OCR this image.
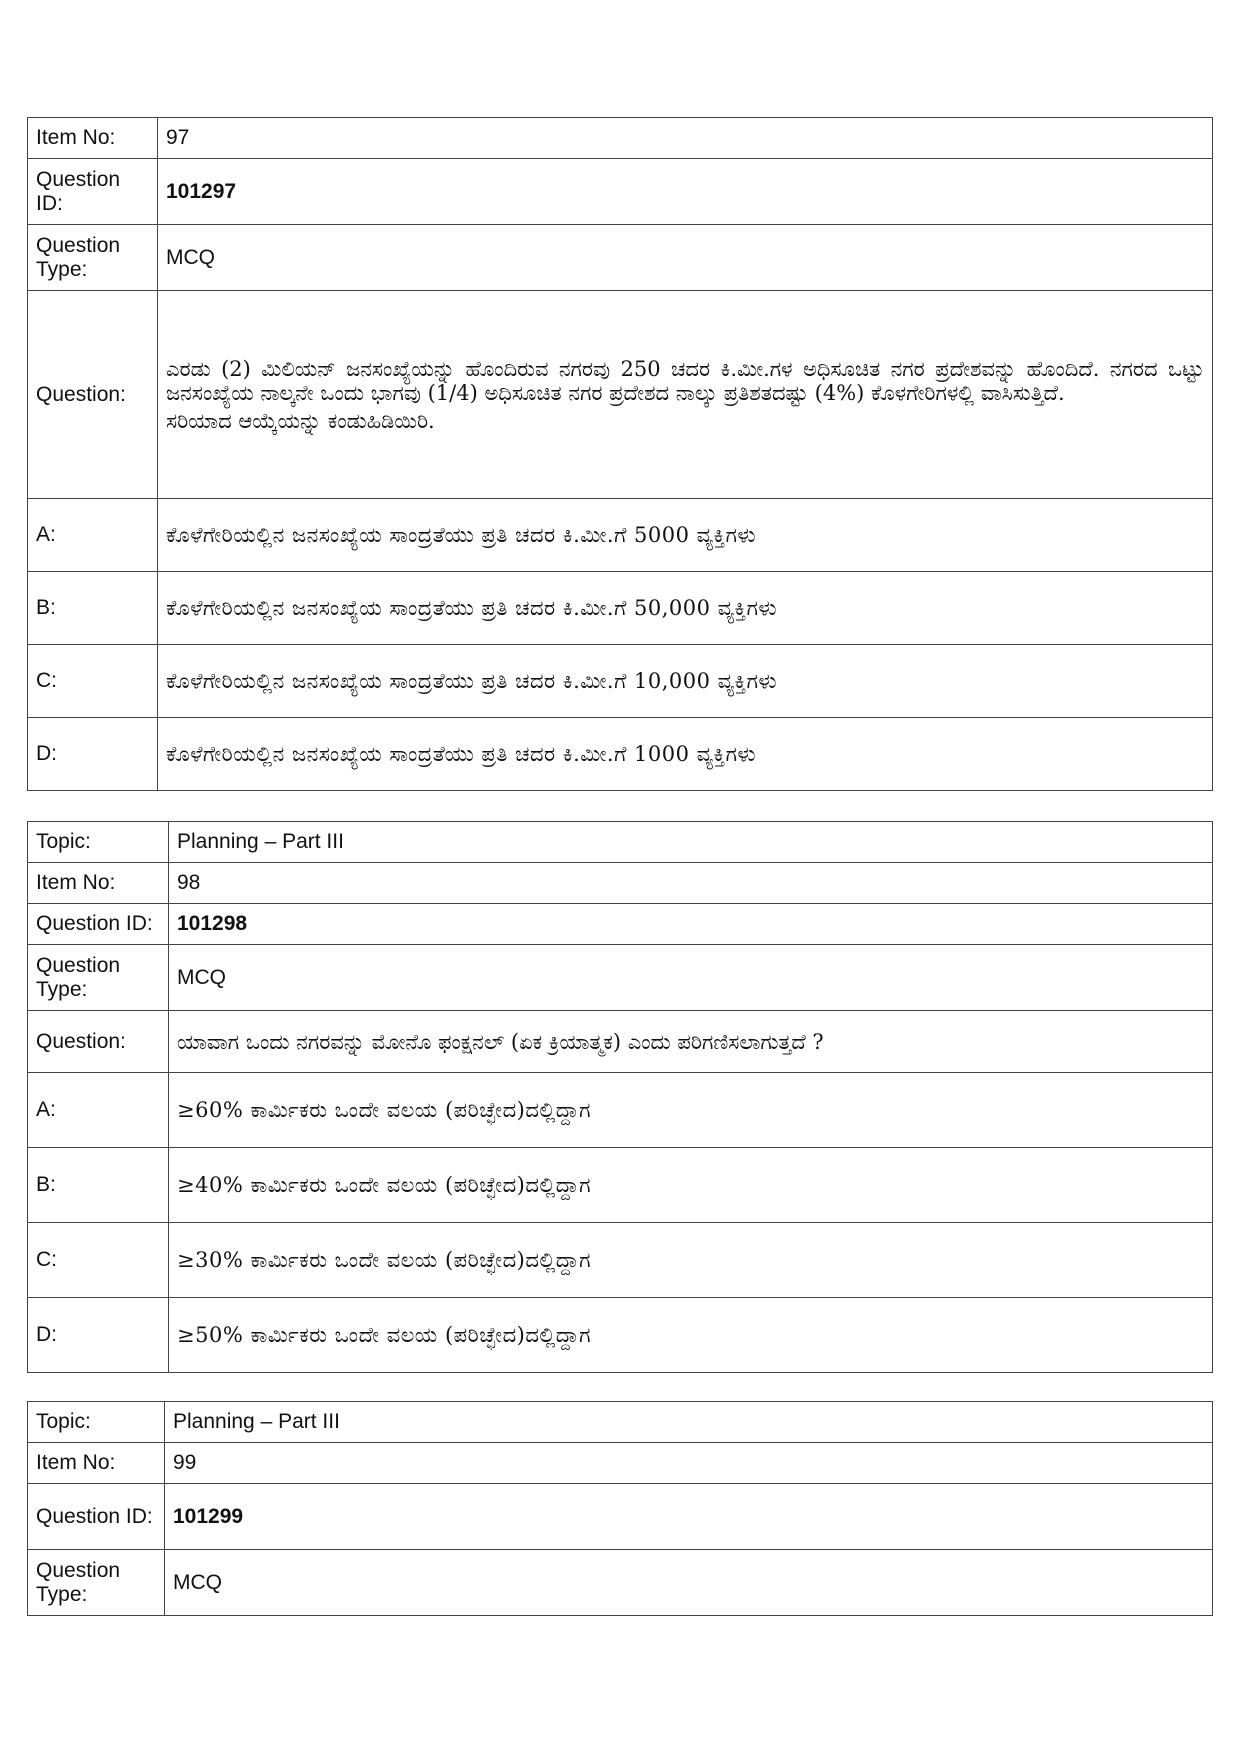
Item No:	97
Question ID:	101297
Question Type:	MCQ
Question:	ಎರಡು (2) ಮಿಲಿಯನ್ ಜನಸಂಖ್ಯೆಯನ್ನು ಹೊಂದಿರುವ ನಗರವು 250 ಚದರ ಕಿ.ಮೀ.ಗಳ ಅಧಿಸೂಚಿತ ನಗರ ಪ್ರದೇಶವನ್ನು ಹೊಂದಿದೆ. ನಗರದ ಒಟ್ಟು ಜನಸಂಖ್ಯೆಯ ನಾಲ್ಕನೇ ಒಂದು ಭಾಗವು (1/4) ಅಧಿಸೂಚಿತ ನಗರ ಪ್ರದೇಶದ ನಾಲ್ಕು ಪ್ರತಿಶತದಷ್ಟು (4%) ಕೊಳಗೇರಿಗಳಲ್ಲಿ ವಾಸಿಸುತ್ತಿದೆ.

ಸರಿಯಾದ ಆಯ್ಕೆಯನ್ನು ಕಂಡುಹಿಡಿಯಿರಿ.

A:	ಕೊಳೆಗೇರಿಯಲ್ಲಿನ ಜನಸಂಖ್ಯೆಯ ಸಾಂದ್ರತೆಯು ಪ್ರತಿ ಚದರ ಕಿ.ಮೀ.ಗೆ 5000 ವ್ಯಕ್ತಿಗಳು
B:	ಕೊಳೆಗೇರಿಯಲ್ಲಿನ ಜನಸಂಖ್ಯೆಯ ಸಾಂದ್ರತೆಯು ಪ್ರತಿ ಚದರ ಕಿ.ಮೀ.ಗೆ 50,000 ವ್ಯಕ್ತಿಗಳು
C:	ಕೊಳೆಗೇರಿಯಲ್ಲಿನ ಜನಸಂಖ್ಯೆಯ ಸಾಂದ್ರತೆಯು ಪ್ರತಿ ಚದರ ಕಿ.ಮೀ.ಗೆ 10,000 ವ್ಯಕ್ತಿಗಳು
D:	ಕೊಳೆಗೇರಿಯಲ್ಲಿನ ಜನಸಂಖ್ಯೆಯ ಸಾಂದ್ರತೆಯು ಪ್ರತಿ ಚದರ ಕಿ.ಮೀ.ಗೆ 1000 ವ್ಯಕ್ತಿಗಳು
Topic:	Planning – Part III
Item No:	98
Question ID:	101298
Question Type:	MCQ
Question:	ಯಾವಾಗ ಒಂದು ನಗರವನ್ನು ಮೋನೊ ಫಂಕ್ಷನಲ್ (ಏಕ ಕ್ರಿಯಾತ್ಮಕ) ಎಂದು ಪರಿಗಣಿಸಲಾಗುತ್ತದೆ ?
A:	≥60% ಕಾರ್ಮಿಕರು ಒಂದೇ ವಲಯ (ಪರಿಚ್ಛೇದ)ದಲ್ಲಿದ್ದಾಗ
B:	≥40% ಕಾರ್ಮಿಕರು ಒಂದೇ ವಲಯ (ಪರಿಚ್ಛೇದ)ದಲ್ಲಿದ್ದಾಗ
C:	≥30% ಕಾರ್ಮಿಕರು ಒಂದೇ ವಲಯ (ಪರಿಚ್ಛೇದ)ದಲ್ಲಿದ್ದಾಗ
D:	≥50% ಕಾರ್ಮಿಕರು ಒಂದೇ ವಲಯ (ಪರಿಚ್ಛೇದ)ದಲ್ಲಿದ್ದಾಗ
Topic:	Planning – Part III
Item No:	99
Question ID:	101299
Question Type:	MCQ
